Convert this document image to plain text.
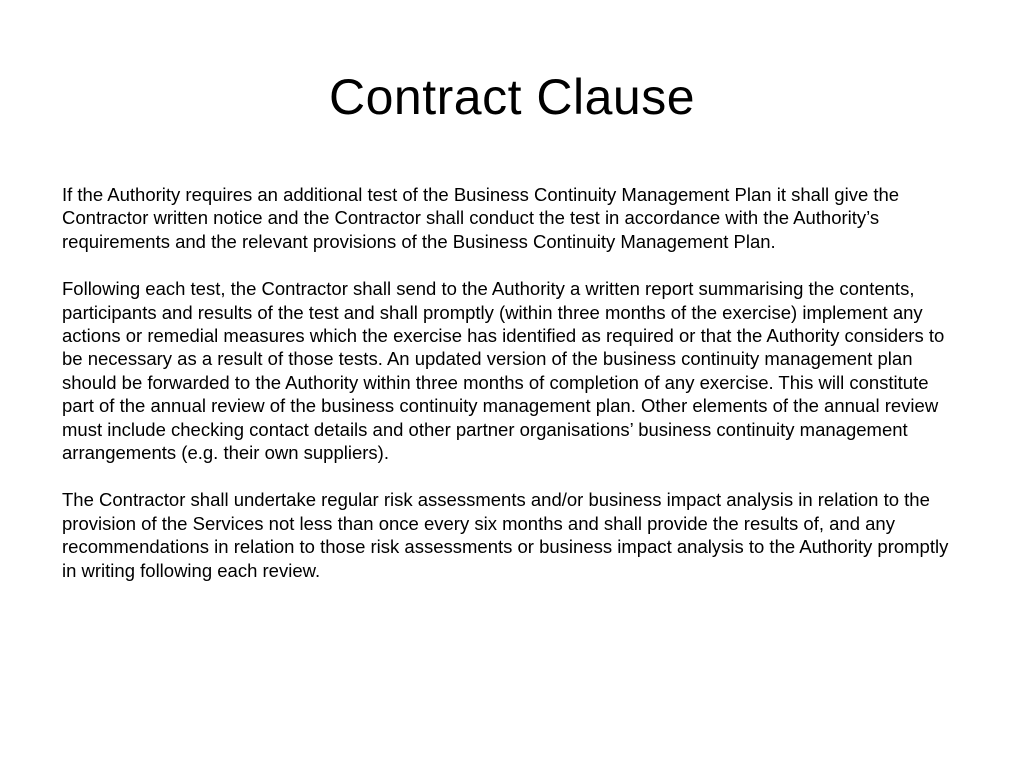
Contract Clause

If the Authority requires an additional test of the Business Continuity Management Plan it shall give the Contractor written notice and the Contractor shall conduct the test in accordance with the Authority’s requirements and the relevant provisions of the Business Continuity Management Plan.

Following each test, the Contractor shall send to the Authority a written report summarising the contents, participants and results of the test and shall promptly (within three months of the exercise) implement any actions or remedial measures which the exercise has identified as required or that the Authority considers to be necessary as a result of those tests. An updated version of the business continuity management plan should be forwarded to the Authority within three months of completion of any exercise. This will constitute part of the annual review of the business continuity management plan. Other elements of the annual review must include checking contact details and other partner organisations’ business continuity management arrangements (e.g. their own suppliers).

The Contractor shall undertake regular risk assessments and/or business impact analysis in relation to the provision of the Services not less than once every six months and shall provide the results of, and any recommendations in relation to those risk assessments or business impact analysis to the Authority promptly in writing following each review.
